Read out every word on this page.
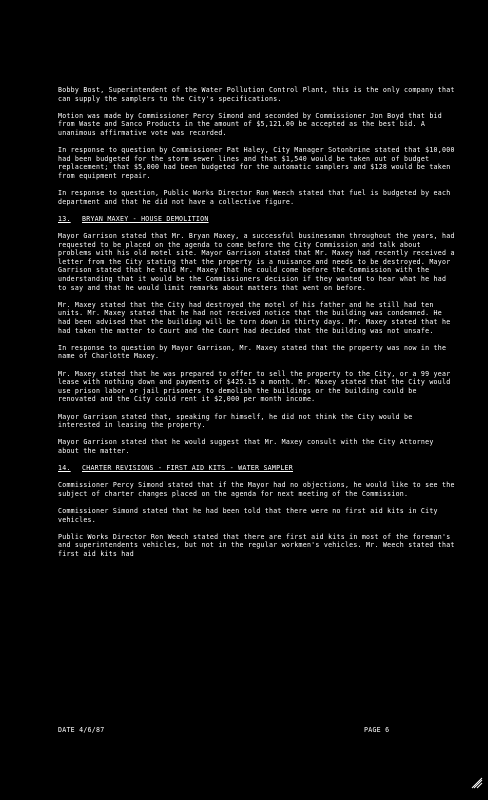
Bobby Bost, Superintendent of the Water Pollution Control Plant, this is the only company that can supply the samplers to the City's specifications.

Motion was made by Commissioner Percy Simond and seconded by Commissioner Jon Boyd that bid from Waste and Sanco Products in the amount of $5,121.00 be accepted as the best bid. A unanimous affirmative vote was recorded.

In response to question by Commissioner Pat Haley, City Manager Sotonbrine stated that $10,000 had been budgeted for the storm sewer lines and that $1,540 would be taken out of budget replacement; that $5,000 had been budgeted for the automatic samplers and $128 would be taken from equipment repair.

In response to question, Public Works Director Ron Weech stated that fuel is budgeted by each department and that he did not have a collective figure.

13. BRYAN MAXEY - HOUSE DEMOLITION

Mayor Garrison stated that Mr. Bryan Maxey, a successful businessman throughout the years, had requested to be placed on the agenda to come before the City Commission and talk about problems with his old motel site. Mayor Garrison stated that Mr. Maxey had recently received a letter from the City stating that the property is a nuisance and needs to be destroyed. Mayor Garrison stated that he told Mr. Maxey that he could come before the Commission with the understanding that it would be the Commissioners decision if they wanted to hear what he had to say and that he would limit remarks about matters that went on before.

Mr. Maxey stated that the City had destroyed the motel of his father and he still had ten units. Mr. Maxey stated that he had not received notice that the building was condemned. He had been advised that the building will be torn down in thirty days. Mr. Maxey stated that he had taken the matter to Court and the Court had decided that the building was not unsafe.

In response to question by Mayor Garrison, Mr. Maxey stated that the property was now in the name of Charlotte Maxey.

Mr. Maxey stated that he was prepared to offer to sell the property to the City, or a 99 year lease with nothing down and payments of $425.15 a month. Mr. Maxey stated that the City would use prison labor or jail prisoners to demolish the buildings or the building could be renovated and the City could rent it $2,000 per month income.

Mayor Garrison stated that, speaking for himself, he did not think the City would be interested in leasing the property.

Mayor Garrison stated that he would suggest that Mr. Maxey consult with the City Attorney about the matter.

14. CHARTER REVISIONS - FIRST AID KITS - WATER SAMPLER

Commissioner Percy Simond stated that if the Mayor had no objections, he would like to see the subject of charter changes placed on the agenda for next meeting of the Commission.

Commissioner Simond stated that he had been told that there were no first aid kits in City vehicles.

Public Works Director Ron Weech stated that there are first aid kits in most of the foreman's and superintendents vehicles, but not in the regular workmen's vehicles. Mr. Weech stated that first aid kits had

DATE 4/6/87	PAGE 6
